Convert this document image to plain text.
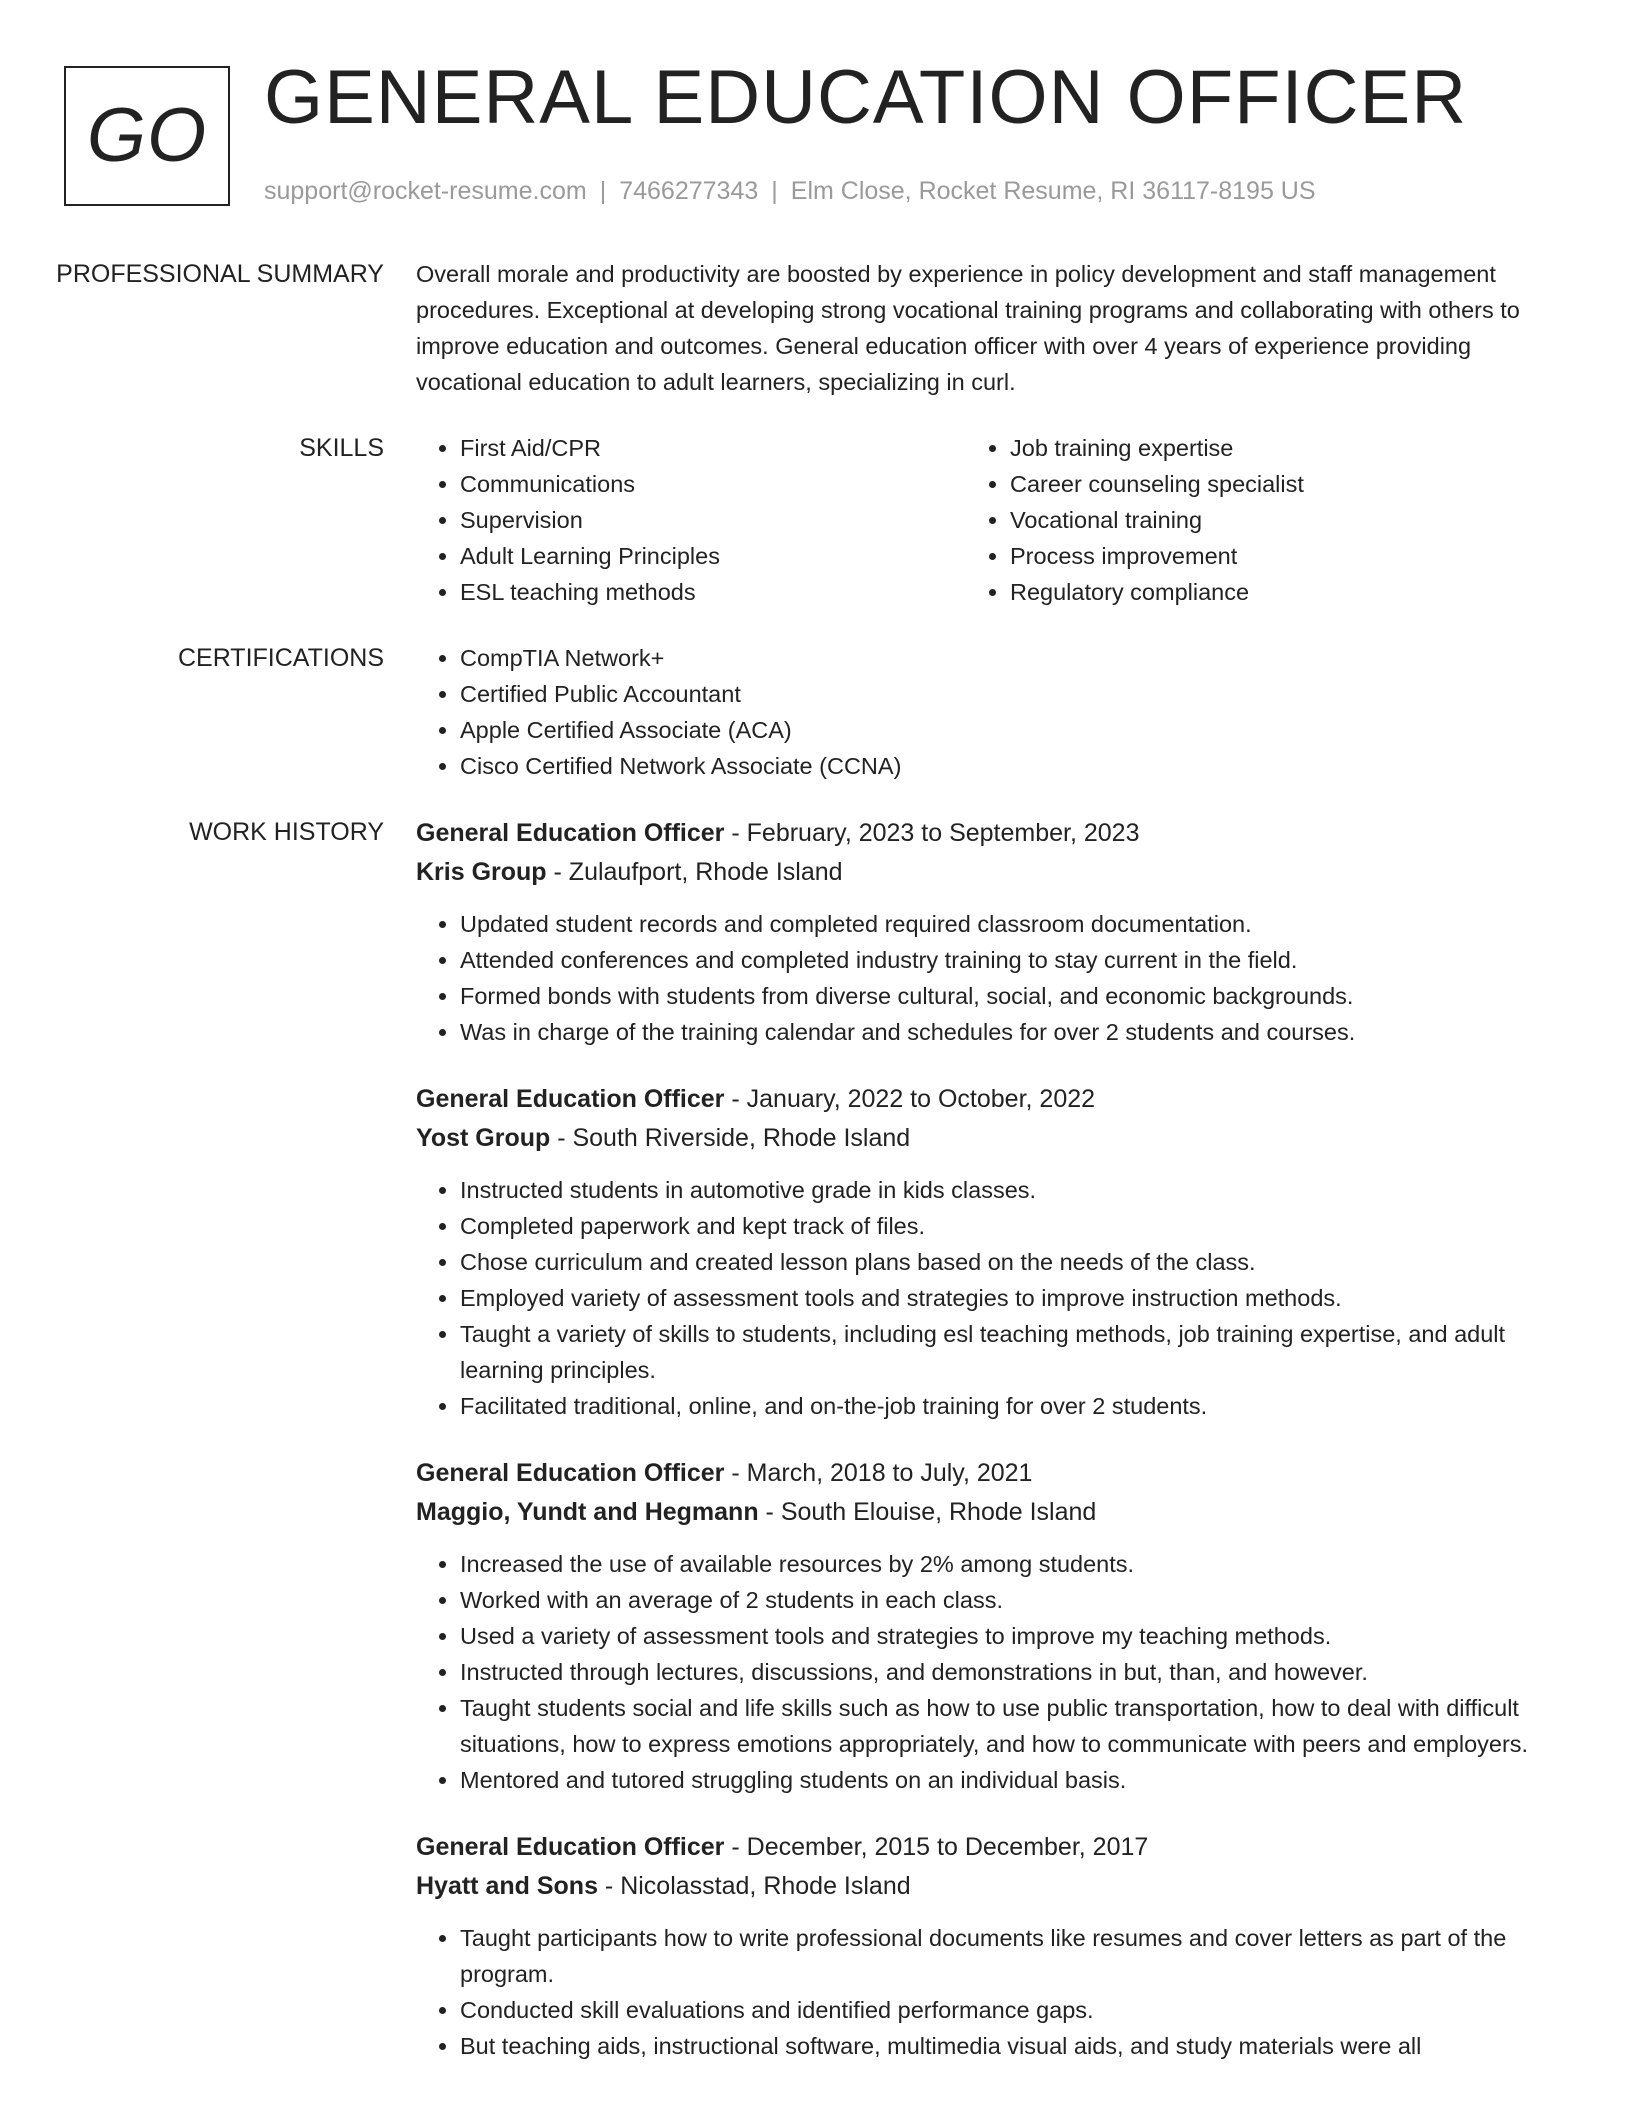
GO GENERAL EDUCATION OFFICER
support@rocket-resume.com | 7466277343 | Elm Close, Rocket Resume, RI 36117-8195 US
PROFESSIONAL SUMMARY	Overall morale and productivity are boosted by experience in policy development and staff management procedures. Exceptional at developing strong vocational training programs and collaborating with others to improve education and outcomes. General education officer with over 4 years of experience providing vocational education to adult learners, specializing in curl.

SKILLS	• First Aid/CPR
• Communications
• Supervision
• Adult Learning Principles
• ESL teaching methods
• Job training expertise
• Career counseling specialist
• Vocational training
• Process improvement
• Regulatory compliance
CERTIFICATIONS	• CompTIA Network+
• Certified Public Accountant
• Apple Certified Associate (ACA)
• Cisco Certified Network Associate (CCNA)
WORK HISTORY	General Education Officer - February, 2023 to September, 2023
Kris Group - Zulaufport, Rhode Island
• Updated student records and completed required classroom documentation.
• Attended conferences and completed industry training to stay current in the field.
• Formed bonds with students from diverse cultural, social, and economic backgrounds.
• Was in charge of the training calendar and schedules for over 2 students and courses.
General Education Officer - January, 2022 to October, 2022
Yost Group - South Riverside, Rhode Island
• Instructed students in automotive grade in kids classes.
• Completed paperwork and kept track of files.
• Chose curriculum and created lesson plans based on the needs of the class.
• Employed variety of assessment tools and strategies to improve instruction methods.
• Taught a variety of skills to students, including esl teaching methods, job training expertise, and adult learning principles.
• Facilitated traditional, online, and on-the-job training for over 2 students.
General Education Officer - March, 2018 to July, 2021
Maggio, Yundt and Hegmann - South Elouise, Rhode Island
• Increased the use of available resources by 2% among students.
• Worked with an average of 2 students in each class.
• Used a variety of assessment tools and strategies to improve my teaching methods.
• Instructed through lectures, discussions, and demonstrations in but, than, and however.
• Taught students social and life skills such as how to use public transportation, how to deal with difficult situations, how to express emotions appropriately, and how to communicate with peers and employers.
• Mentored and tutored struggling students on an individual basis.
General Education Officer - December, 2015 to December, 2017
Hyatt and Sons - Nicolasstad, Rhode Island
• Taught participants how to write professional documents like resumes and cover letters as part of the program.
• Conducted skill evaluations and identified performance gaps.
• But teaching aids, instructional software, multimedia visual aids, and study materials were all
